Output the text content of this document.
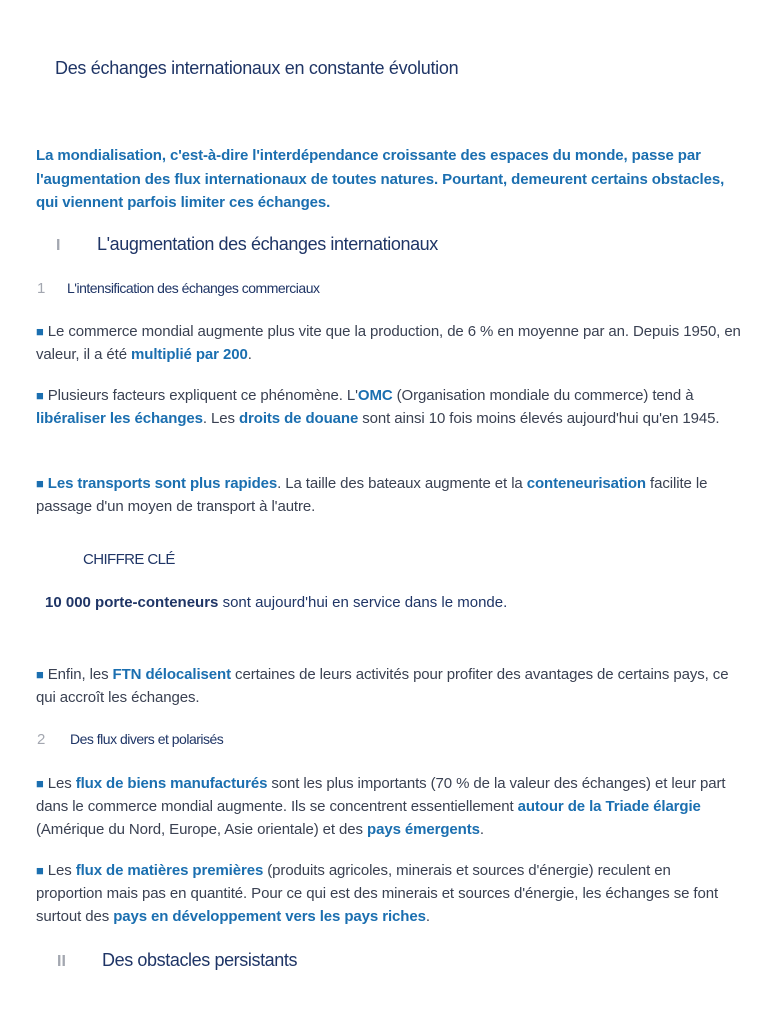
Des échanges internationaux en constante évolution
La mondialisation, c'est-à-dire l'interdépendance croissante des espaces du monde, passe par l'augmentation des flux internationaux de toutes natures. Pourtant, demeurent certains obstacles, qui viennent parfois limiter ces échanges.
I	L'augmentation des échanges internationaux
1	L'intensification des échanges commerciaux
■ Le commerce mondial augmente plus vite que la production, de 6 % en moyenne par an. Depuis 1950, en valeur, il a été multiplié par 200.
■ Plusieurs facteurs expliquent ce phénomène. L'OMC (Organisation mondiale du commerce) tend à libéraliser les échanges. Les droits de douane sont ainsi 10 fois moins élevés aujourd'hui qu'en 1945.
■ Les transports sont plus rapides. La taille des bateaux augmente et la conteneurisation facilite le passage d'un moyen de transport à l'autre.
CHIFFRE CLÉ
10 000 porte-conteneurs sont aujourd'hui en service dans le monde.
■ Enfin, les FTN délocalisent certaines de leurs activités pour profiter des avantages de certains pays, ce qui accroît les échanges.
2	Des flux divers et polarisés
■ Les flux de biens manufacturés sont les plus importants (70 % de la valeur des échanges) et leur part dans le commerce mondial augmente. Ils se concentrent essentiellement autour de la Triade élargie (Amérique du Nord, Europe, Asie orientale) et des pays émergents.
■ Les flux de matières premières (produits agricoles, minerais et sources d'énergie) reculent en proportion mais pas en quantité. Pour ce qui est des minerais et sources d'énergie, les échanges se font surtout des pays en développement vers les pays riches.
II	Des obstacles persistants
